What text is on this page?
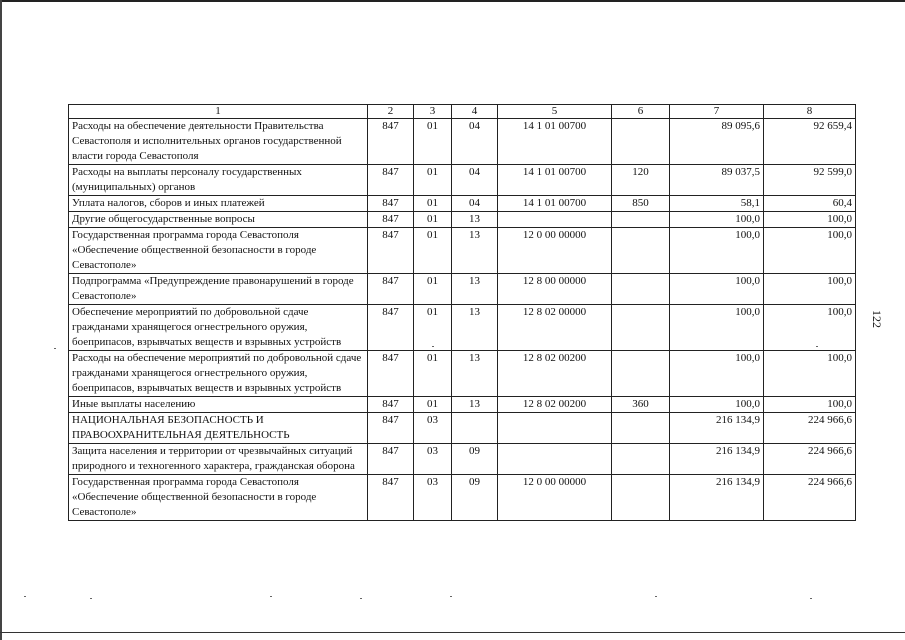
122
1	2	3	4	5	6	7	8
Расходы на обеспечение деятельности Правительства Севастополя и исполнительных органов государственной власти города Севастополя	847	01	04	14 1 01 00700		89 095,6	92 659,4
Расходы на выплаты персоналу государственных (муниципальных) органов	847	01	04	14 1 01 00700	120	89 037,5	92 599,0
Уплата налогов, сборов и иных платежей	847	01	04	14 1 01 00700	850	58,1	60,4
Другие общегосударственные вопросы	847	01	13			100,0	100,0
Государственная программа города Севастополя «Обеспечение общественной безопасности в городе Севастополе»	847	01	13	12 0 00 00000		100,0	100,0
Подпрограмма «Предупреждение правонарушений в городе Севастополе»	847	01	13	12 8 00 00000		100,0	100,0
Обеспечение мероприятий по добровольной сдаче гражданами хранящегося огнестрельного оружия, боеприпасов, взрывчатых веществ и взрывных устройств	847	01	13	12 8 02 00000		100,0	100,0
Расходы на обеспечение мероприятий по добровольной сдаче гражданами хранящегося огнестрельного оружия, боеприпасов, взрывчатых веществ и взрывных устройств	847	01	13	12 8 02 00200		100,0	100,0
Иные выплаты населению	847	01	13	12 8 02 00200	360	100,0	100,0
НАЦИОНАЛЬНАЯ БЕЗОПАСНОСТЬ И ПРАВООХРАНИТЕЛЬНАЯ ДЕЯТЕЛЬНОСТЬ	847	03				216 134,9	224 966,6
Защита населения и территории от чрезвычайных ситуаций природного и техногенного характера, гражданская оборона	847	03	09			216 134,9	224 966,6
Государственная программа города Севастополя «Обеспечение общественной безопасности в городе Севастополе»	847	03	09	12 0 00 00000		216 134,9	224 966,6
